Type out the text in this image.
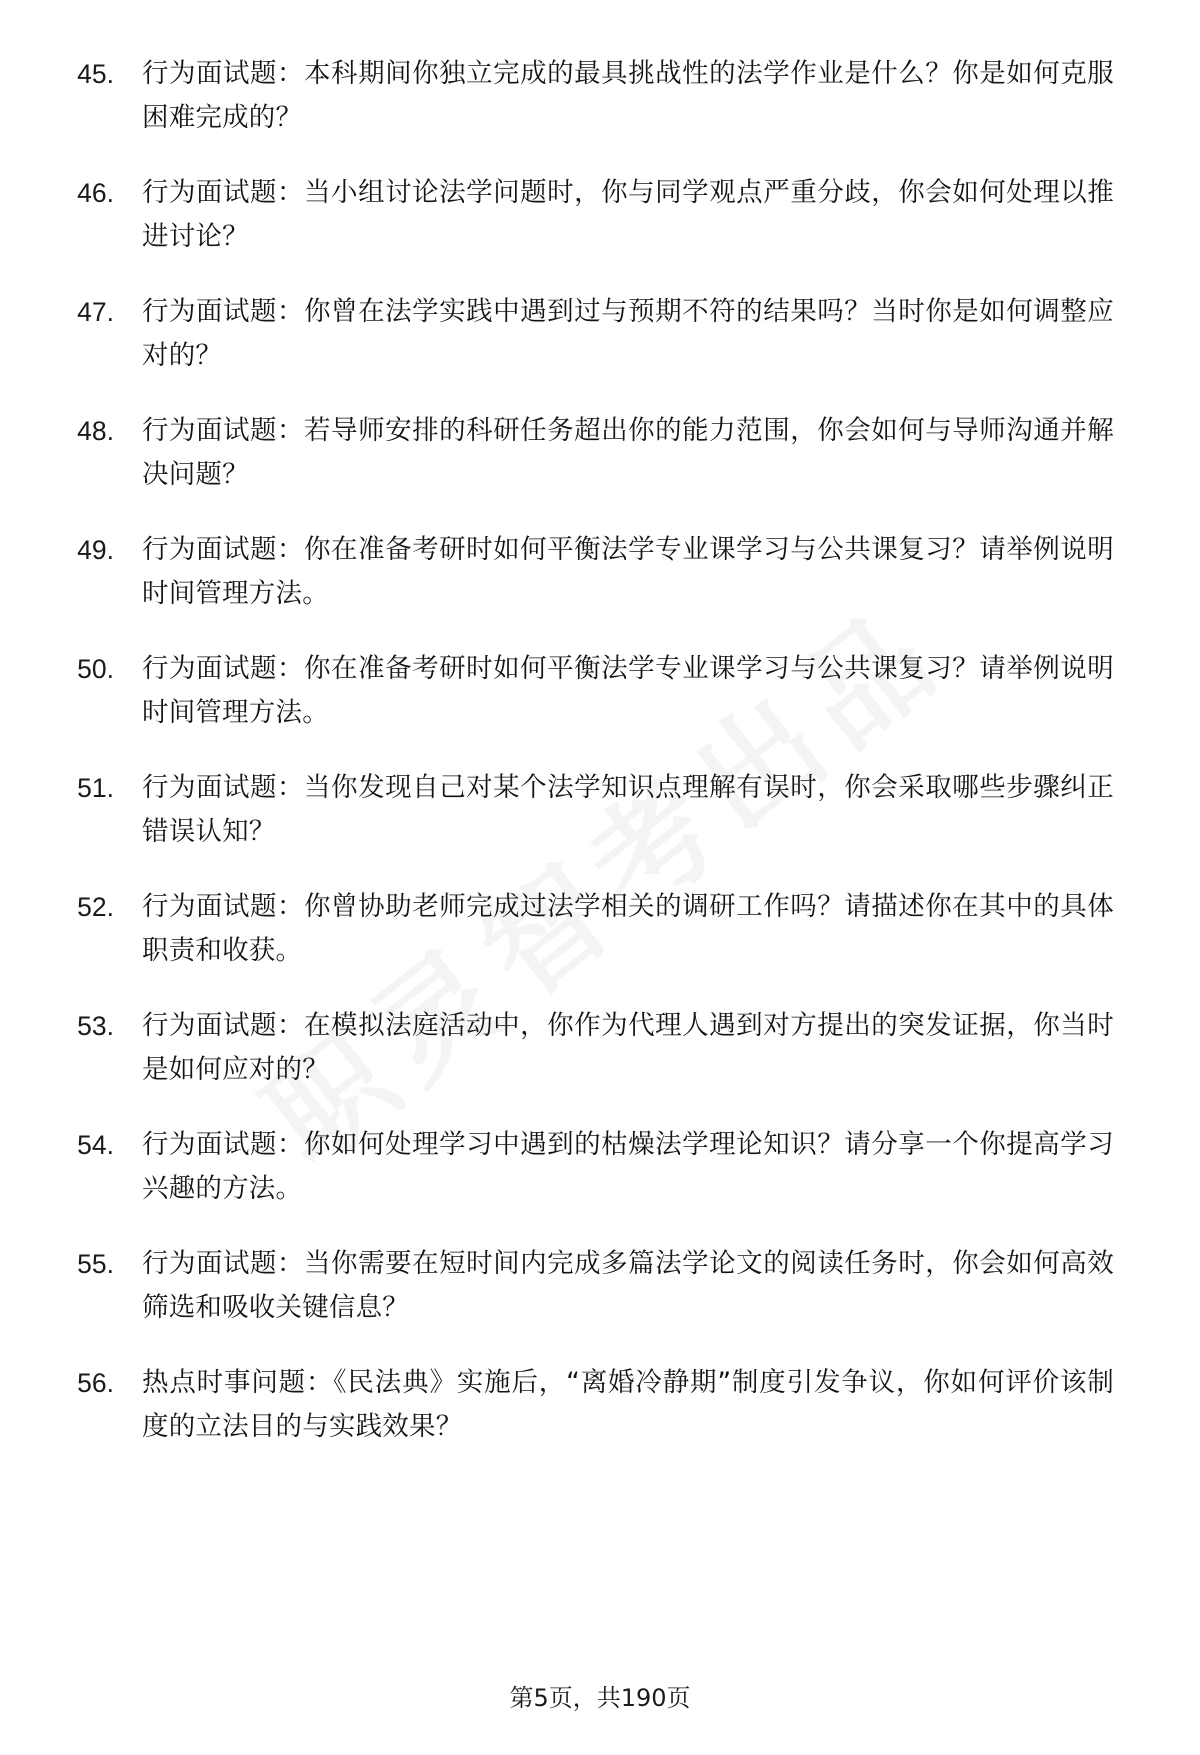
45.	行为面试题：本科期间你独立完成的最具挑战性的法学作业是什么？你是如何克服困难完成的？
46.	行为面试题：当小组讨论法学问题时，你与同学观点严重分歧，你会如何处理以推进讨论？
47.	行为面试题：你曾在法学实践中遇到过与预期不符的结果吗？当时你是如何调整应对的？
48.	行为面试题：若导师安排的科研任务超出你的能力范围，你会如何与导师沟通并解决问题？
49.	行为面试题：你在准备考研时如何平衡法学专业课学习与公共课复习？请举例说明时间管理方法。
50.	行为面试题：你在准备考研时如何平衡法学专业课学习与公共课复习？请举例说明时间管理方法。
51.	行为面试题：当你发现自己对某个法学知识点理解有误时，你会采取哪些步骤纠正错误认知？
52.	行为面试题：你曾协助老师完成过法学相关的调研工作吗？请描述你在其中的具体职责和收获。
53.	行为面试题：在模拟法庭活动中，你作为代理人遇到对方提出的突发证据，你当时是如何应对的？
54.	行为面试题：你如何处理学习中遇到的枯燥法学理论知识？请分享一个你提高学习兴趣的方法。
55.	行为面试题：当你需要在短时间内完成多篇法学论文的阅读任务时，你会如何高效筛选和吸收关键信息？
56.	热点时事问题：《民法典》实施后，“离婚冷静期”制度引发争议，你如何评价该制度的立法目的与实践效果？
第5页，共190页
